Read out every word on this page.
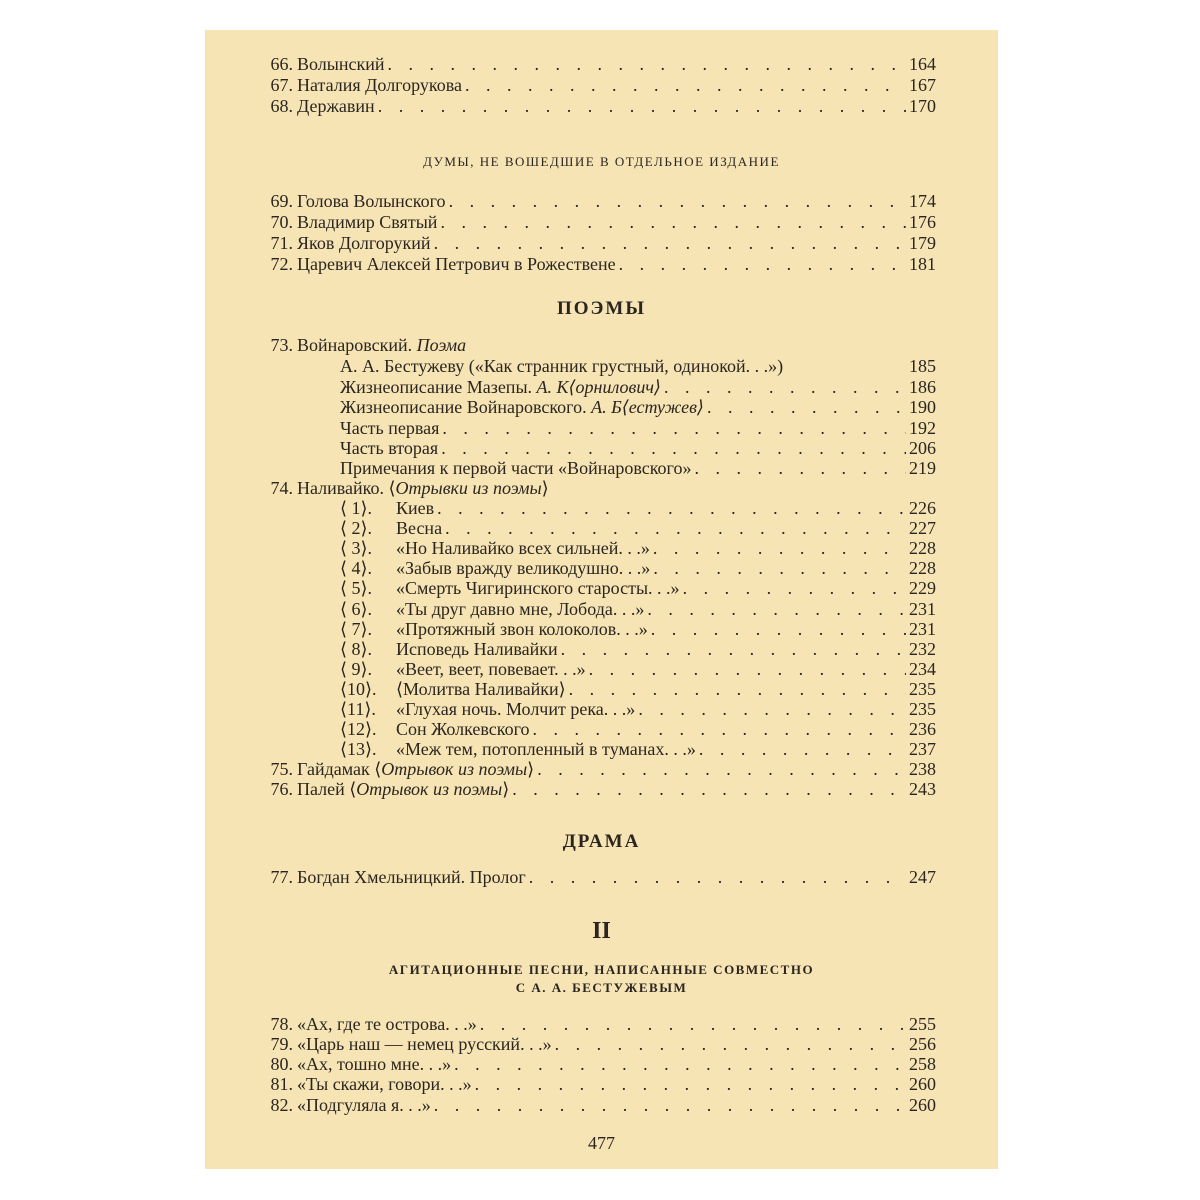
66. Волынский . . .	164
67. Наталия Долгорукова . . .	167
68. Державин . . .	170
ДУМЫ, НЕ ВОШЕДШИЕ В ОТДЕЛЬНОЕ ИЗДАНИЕ
69. Голова Волынского . . .	174
70. Владимир Святый . . .	176
71. Яков Долгорукий . . .	179
72. Царевич Алексей Петрович в Рожествене . . .	181
ПОЭМЫ
73. Войнаровский. Поэма
А. А. Бестужеву («Как странник грустный, одинокой. . .»)	185
Жизнеописание Мазепы. А. К⟨орнилович⟩ . . .	186
Жизнеописание Войнаровского. А. Б⟨естужев⟩ . . .	190
Часть первая . . .	192
Часть вторая . . .	206
Примечания к первой части «Войнаровского» . . .	219
74. Наливайко. ⟨Отрывки из поэмы⟩
⟨ 1⟩.	Киев . . .	226
⟨ 2⟩.	Весна . . .	227
⟨ 3⟩.	«Но Наливайко всех сильней. . .» . . .	228
⟨ 4⟩.	«Забыв вражду великодушно. . .» . . .	228
⟨ 5⟩.	«Смерть Чигиринского старосты. . .» . . .	229
⟨ 6⟩.	«Ты друг давно мне, Лобода. . .» . . .	231
⟨ 7⟩.	«Протяжный звон колоколов. . .» . . .	231
⟨ 8⟩.	Исповедь Наливайки . . .	232
⟨ 9⟩.	«Веет, веет, повевает. . .» . . .	234
⟨10⟩.	⟨Молитва Наливайки⟩ . . .	235
⟨11⟩.	«Глухая ночь. Молчит река. . .» . . .	235
⟨12⟩.	Сон Жолкевского . . .	236
⟨13⟩.	«Меж тем, потопленный в туманах. . .» . . .	237
75. Гайдамак ⟨Отрывок из поэмы⟩ . . .	238
76. Палей ⟨Отрывок из поэмы⟩ . . .	243
ДРАМА
77. Богдан Хмельницкий. Пролог . . .	247
II
АГИТАЦИОННЫЕ ПЕСНИ, НАПИСАННЫЕ СОВМЕСТНО
С А. А. БЕСТУЖЕВЫМ
78. «Ах, где те острова. . .» . . .	255
79. «Царь наш — немец русский. . .» . . .	256
80. «Ах, тошно мне. . .» . . .	258
81. «Ты скажи, говори. . .» . . .	260
82. «Подгуляла я. . .» . . .	260
477
